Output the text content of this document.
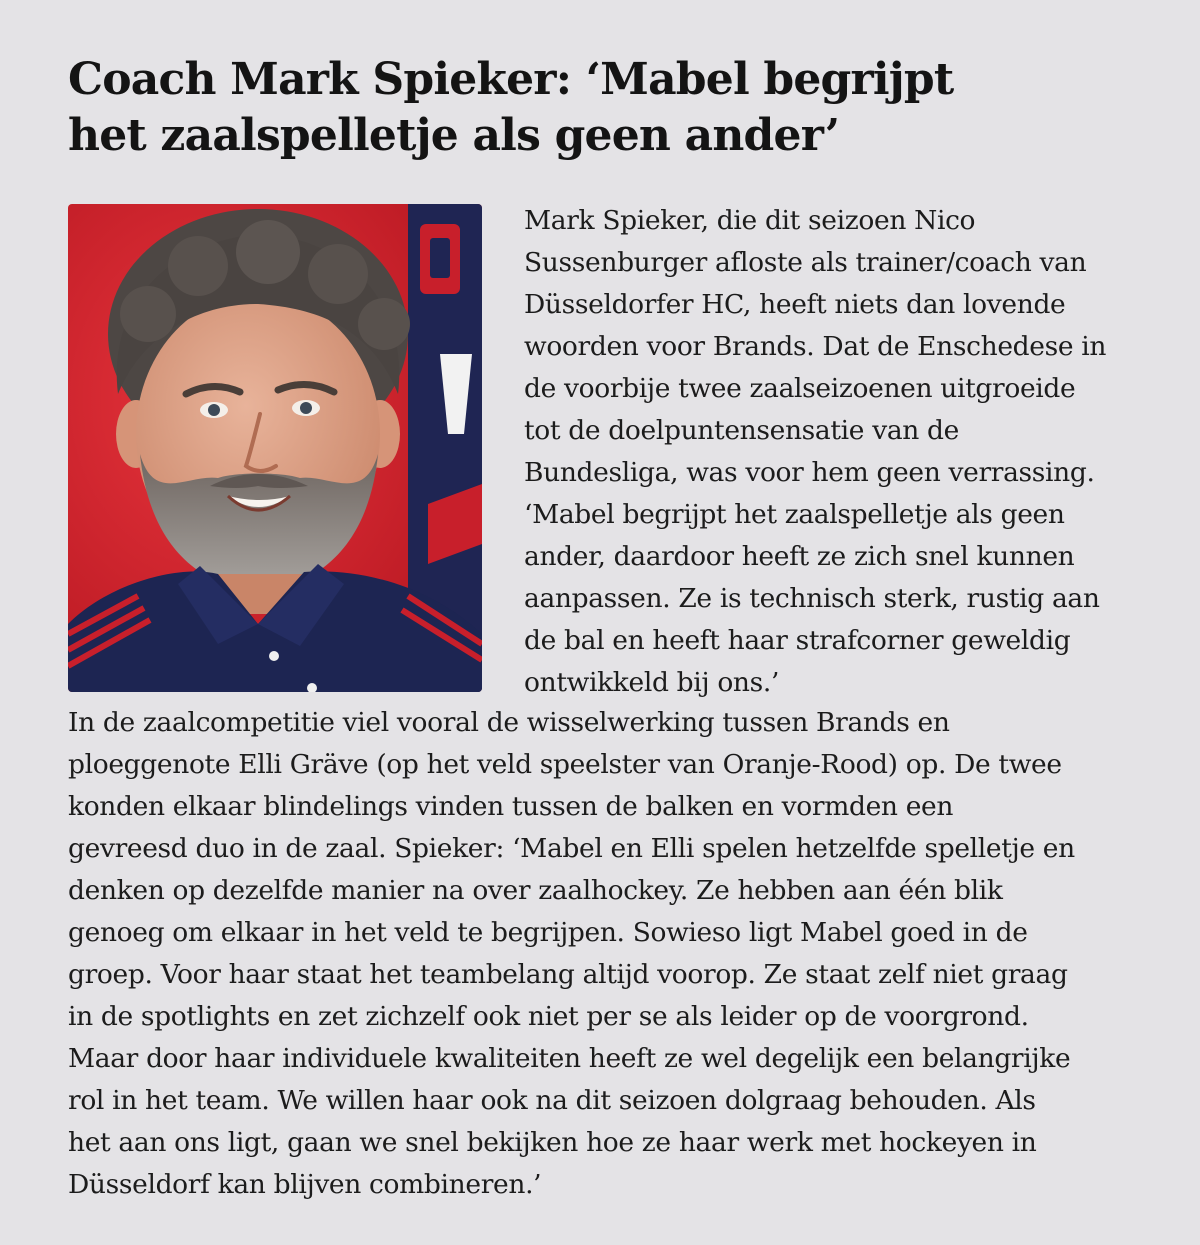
Coach Mark Spieker: ‘Mabel begrijpt
het zaalspelletje als geen ander’
Mark Spieker, die dit seizoen Nico
Sussenburger afloste als trainer/coach van
Düsseldorfer HC, heeft niets dan lovende
woorden voor Brands. Dat de Enschedese in
de voorbije twee zaalseizoenen uitgroeide
tot de doelpuntensensatie van de
Bundesliga, was voor hem geen verrassing.
‘Mabel begrijpt het zaalspelletje als geen
ander, daardoor heeft ze zich snel kunnen
aanpassen. Ze is technisch sterk, rustig aan
de bal en heeft haar strafcorner geweldig
ontwikkeld bij ons.’
In de zaalcompetitie viel vooral de wisselwerking tussen Brands en
ploeggenote Elli Gräve (op het veld speelster van Oranje-Rood) op. De twee
konden elkaar blindelings vinden tussen de balken en vormden een
gevreesd duo in de zaal. Spieker: ‘Mabel en Elli spelen hetzelfde spelletje en
denken op dezelfde manier na over zaalhockey. Ze hebben aan één blik
genoeg om elkaar in het veld te begrijpen. Sowieso ligt Mabel goed in de
groep. Voor haar staat het teambelang altijd voorop. Ze staat zelf niet graag
in de spotlights en zet zichzelf ook niet per se als leider op de voorgrond.
Maar door haar individuele kwaliteiten heeft ze wel degelijk een belangrijke
rol in het team. We willen haar ook na dit seizoen dolgraag behouden. Als
het aan ons ligt, gaan we snel bekijken hoe ze haar werk met hockeyen in
Düsseldorf kan blijven combineren.’
